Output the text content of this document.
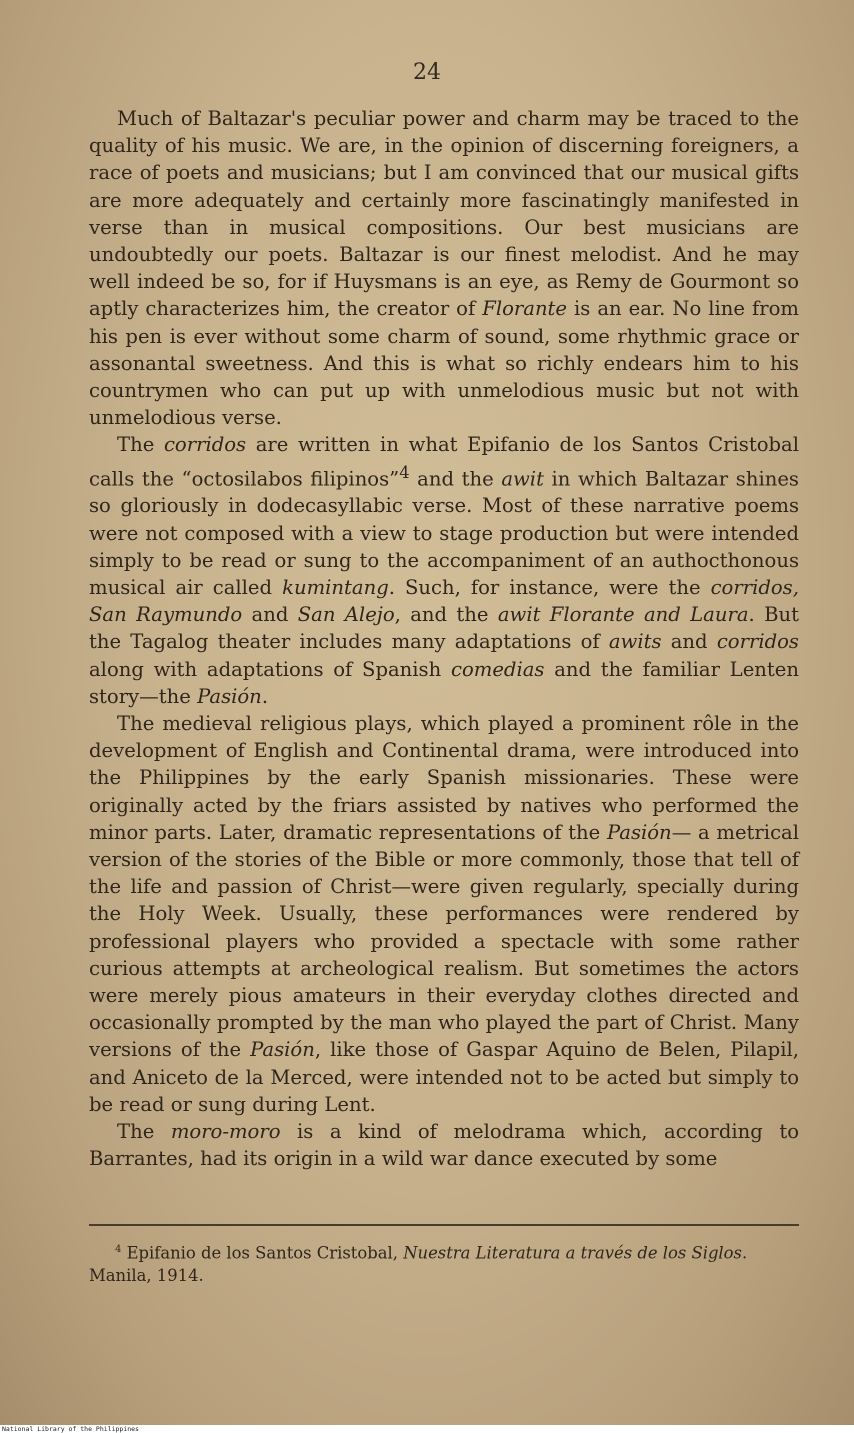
24

Much of Baltazar's peculiar power and charm may be traced to the quality of his music. We are, in the opinion of discerning foreigners, a race of poets and musicians; but I am convinced that our musical gifts are more adequately and certainly more fascinatingly manifested in verse than in musical compositions. Our best musicians are undoubtedly our poets. Baltazar is our finest melodist. And he may well indeed be so, for if Huysmans is an eye, as Remy de Gourmont so aptly characterizes him, the creator of Florante is an ear. No line from his pen is ever without some charm of sound, some rhythmic grace or assonantal sweetness. And this is what so richly endears him to his countrymen who can put up with unmelodious music but not with unmelodious verse.

The corridos are written in what Epifanio de los Santos Cristobal calls the “octosilabos filipinos”$^4$ and the awit in which Baltazar shines so gloriously in dodecasyllabic verse. Most of these narrative poems were not composed with a view to stage production but were intended simply to be read or sung to the accompaniment of an authocthonous musical air called kumintang. Such, for instance, were the corridos, San Raymundo and San Alejo, and the awit Florante and Laura. But the Tagalog theater includes many adaptations of awits and corridos along with adaptations of Spanish comedias and the familiar Lenten story—the Pasión.

The medieval religious plays, which played a prominent rôle in the development of English and Continental drama, were introduced into the Philippines by the early Spanish missionaries. These were originally acted by the friars assisted by natives who performed the minor parts. Later, dramatic representations of the Pasión— a metrical version of the stories of the Bible or more commonly, those that tell of the life and passion of Christ—were given regularly, specially during the Holy Week. Usually, these performances were rendered by professional players who provided a spectacle with some rather curious attempts at archeological realism. But sometimes the actors were merely pious amateurs in their everyday clothes directed and occasionally prompted by the man who played the part of Christ. Many versions of the Pasión, like those of Gaspar Aquino de Belen, Pilapil, and Aniceto de la Merced, were intended not to be acted but simply to be read or sung during Lent.

The moro-moro is a kind of melodrama which, according to Barrantes, had its origin in a wild war dance executed by some

$^4$ Epifanio de los Santos Cristobal, Nuestra Literatura a través de los Siglos. Manila, 1914.

National Library of the Philippines
